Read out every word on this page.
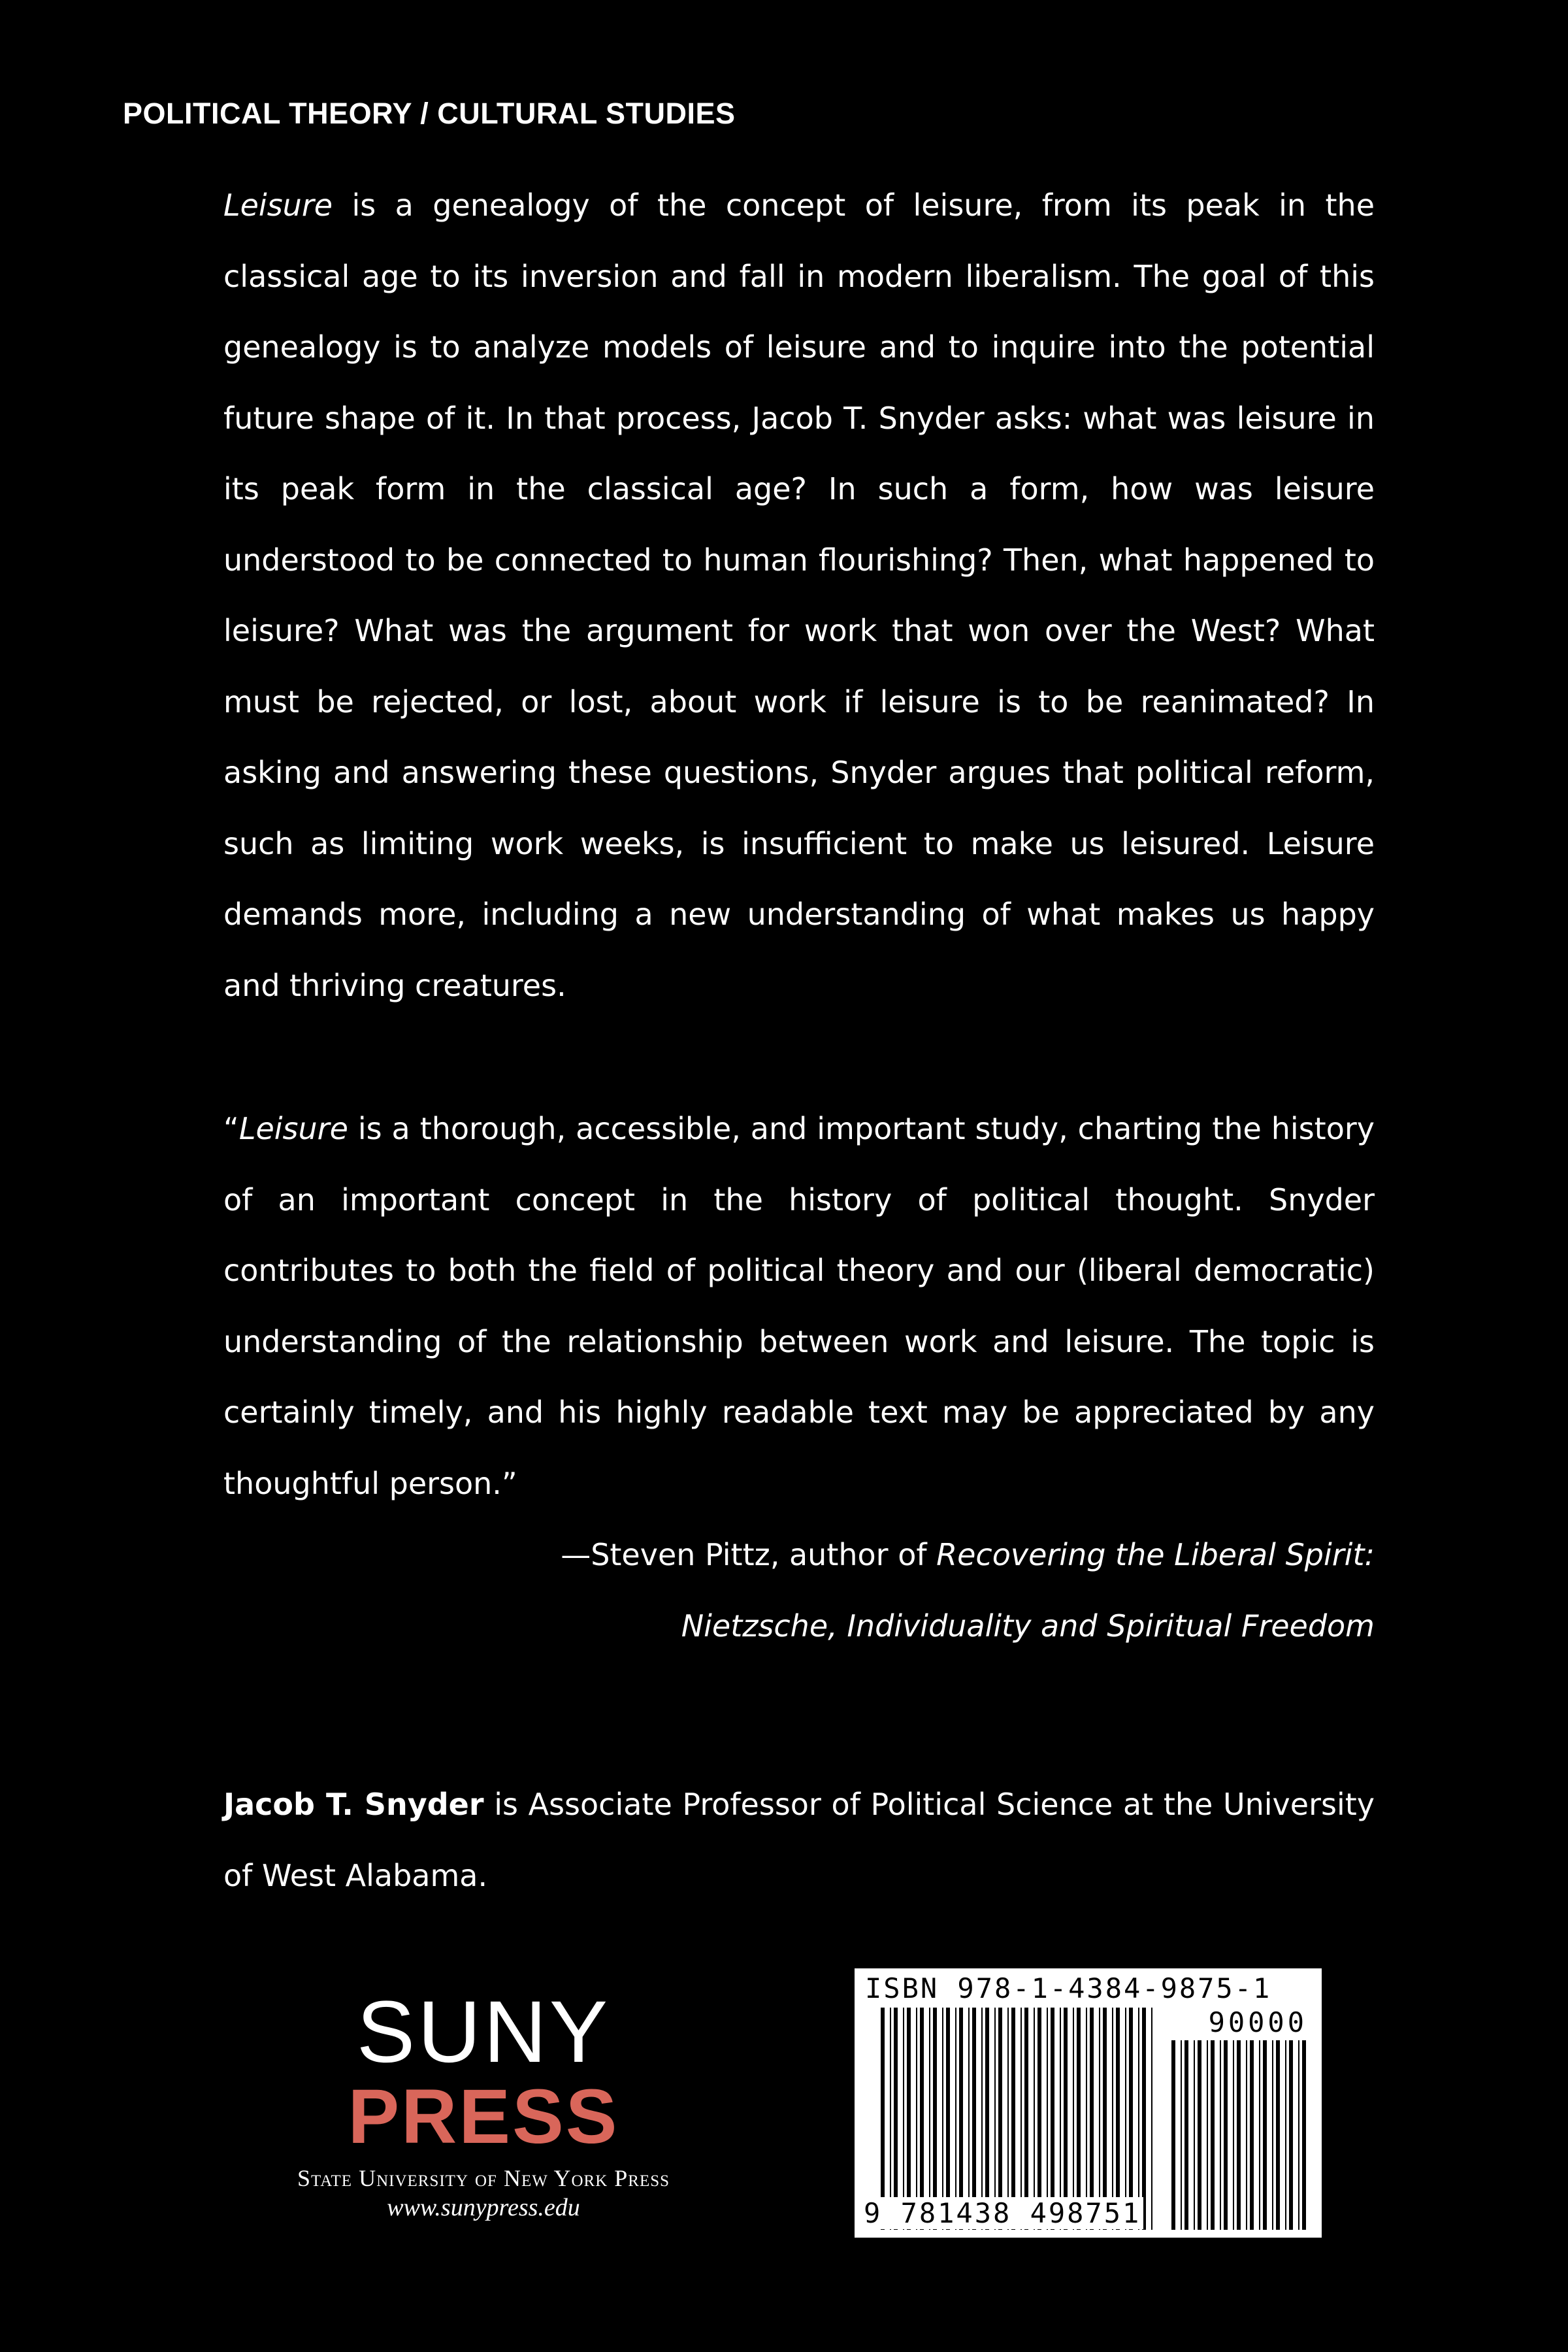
POLITICAL THEORY / CULTURAL STUDIES

Leisure is a genealogy of the concept of leisure, from its peak in the classical age to its inversion and fall in modern liberalism. The goal of this genealogy is to analyze models of leisure and to inquire into the potential future shape of it. In that process, Jacob T. Snyder asks: what was leisure in its peak form in the classical age? In such a form, how was leisure understood to be connected to human flourishing? Then, what happened to leisure? What was the argument for work that won over the West? What must be rejected, or lost, about work if leisure is to be reanimated? In asking and answering these questions, Snyder argues that political reform, such as limiting work weeks, is insufficient to make us leisured. Leisure demands more, including a new understanding of what makes us happy and thriving creatures.

“Leisure is a thorough, accessible, and important study, charting the history of an important concept in the history of political thought. Snyder contributes to both the field of political theory and our (liberal democratic) understanding of the relationship between work and leisure. The topic is certainly timely, and his highly readable text may be appreciated by any thoughtful person.”

—Steven Pittz, author of Recovering the Liberal Spirit:
Nietzsche, Individuality and Spiritual Freedom

Jacob T. Snyder is Associate Professor of Political Science at the University of West Alabama.

SUNY
PRESS
State University of New York Press
www.sunypress.edu
ISBN 978-1-4384-9875-1
90000
9 781438 498751
